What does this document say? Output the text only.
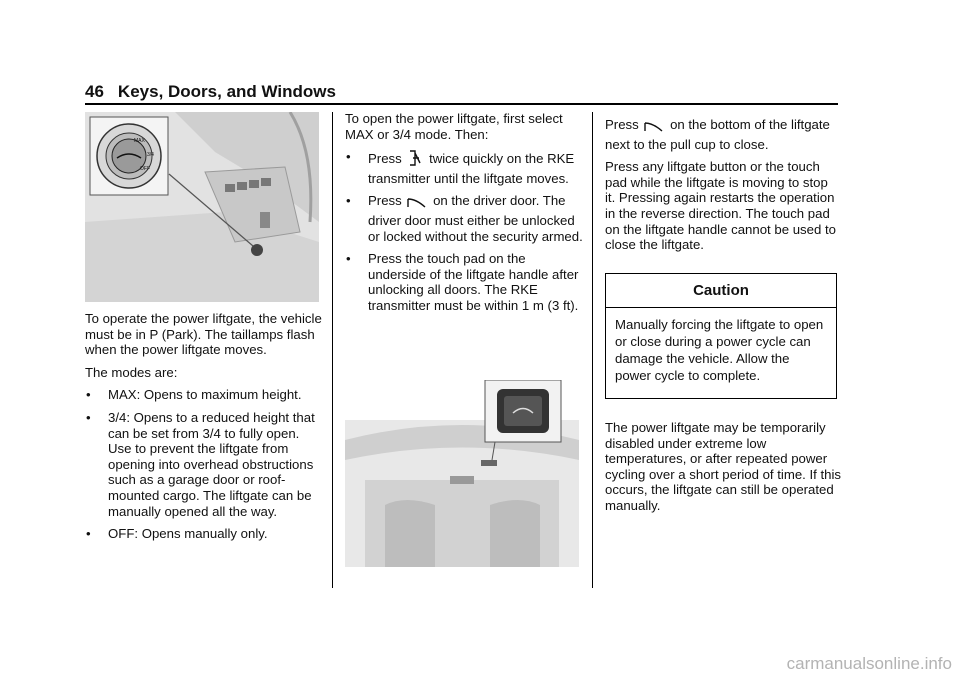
46 Keys, Doors, and Windows
MAX
3/4
OFF

To operate the power liftgate, the vehicle must be in P (Park). The taillamps flash when the power liftgate moves.

The modes are:

• MAX: Opens to maximum height.
• 3/4: Opens to a reduced height that can be set from 3/4 to fully open. Use to prevent the liftgate from opening into overhead obstructions such as a garage door or roof-mounted cargo. The liftgate can be manually opened all the way.
• OFF: Opens manually only.

To open the power liftgate, first select MAX or 3/4 mode. Then:

• Press twice quickly on the RKE transmitter until the liftgate moves.
• Press on the driver door. The driver door must either be unlocked or locked without the security armed.
• Press the touch pad on the underside of the liftgate handle after unlocking all doors. The RKE transmitter must be within 1 m (3 ft).

Press on the bottom of the liftgate next to the pull cup to close.

Press any liftgate button or the touch pad while the liftgate is moving to stop it. Pressing again restarts the operation in the reverse direction. The touch pad on the liftgate handle cannot be used to close the liftgate.

Caution
Manually forcing the liftgate to open or close during a power cycle can damage the vehicle. Allow the power cycle to complete.

The power liftgate may be temporarily disabled under extreme low temperatures, or after repeated power cycling over a short period of time. If this occurs, the liftgate can still be operated manually.

carmanualsonline.info
